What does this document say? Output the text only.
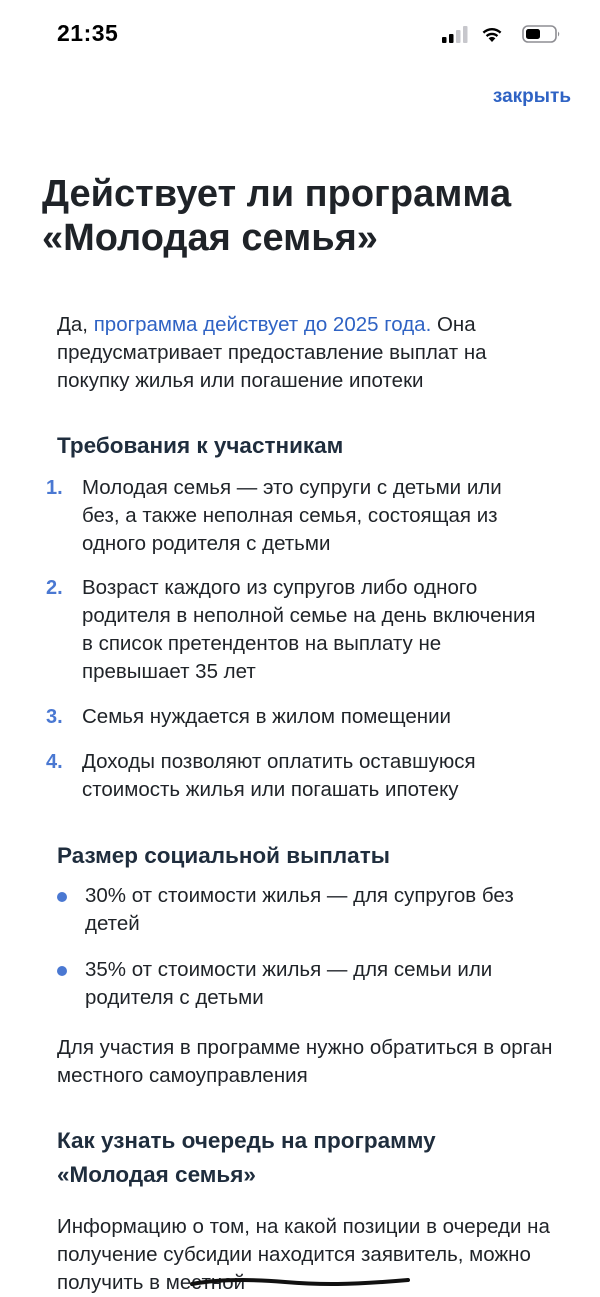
21:35
закрыть
Действует ли программа
«Молодая семья»

Да, программа действует до 2025 года. Она предусматривает предоставление выплат на покупку жилья или погашение ипотеки

Требования к участникам
1. Молодая семья — это супруги с детьми или без, а также неполная семья, состоящая из одного родителя с детьми
2. Возраст каждого из супругов либо одного родителя в неполной семье на день включения в список претендентов на выплату не превышает 35 лет
3. Семья нуждается в жилом помещении
4. Доходы позволяют оплатить оставшуюся стоимость жилья или погашать ипотеку
Размер социальной выплаты
30% от стоимости жилья — для супругов без детей
35% от стоимости жилья — для семьи или родителя с детьми

Для участия в программе нужно обратиться в орган местного самоуправления

Как узнать очередь на программу «Молодая семья»

Информацию о том, на какой позиции в очереди на получение субсидии находится заявитель, можно получить в местной
